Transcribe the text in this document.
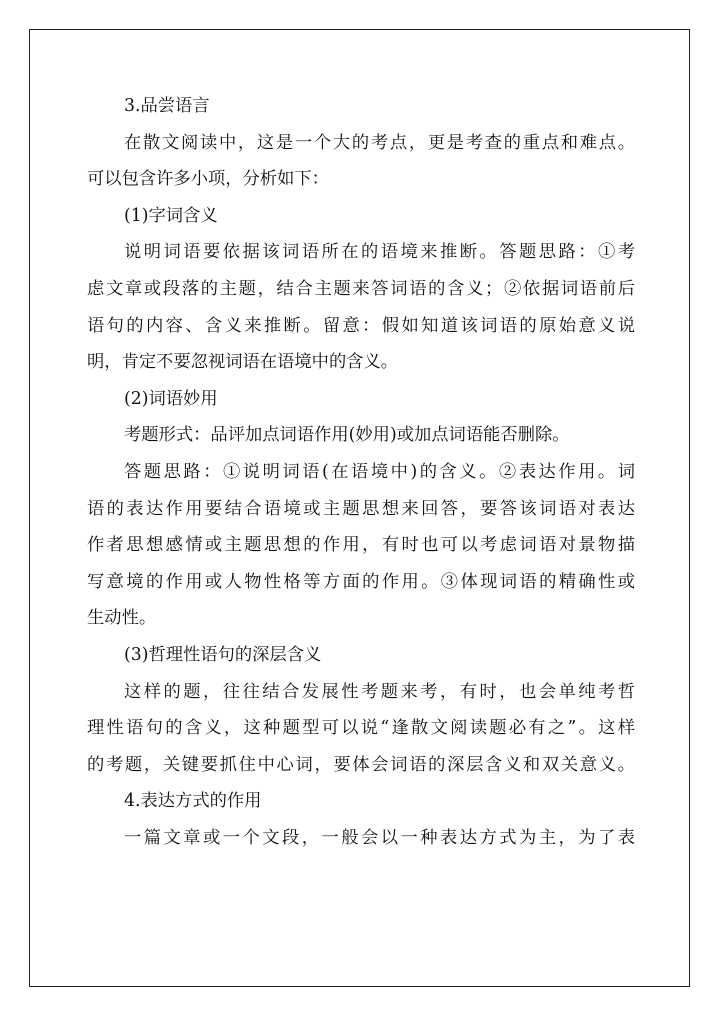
3.品尝语言
在散文阅读中，这是一个大的考点，更是考查的重点和难点。
可以包含许多小项，分析如下：
(1)字词含义
说明词语要依据该词语所在的语境来推断。答题思路：①考
虑文章或段落的主题，结合主题来答词语的含义；②依据词语前后
语句的内容、含义来推断。留意：假如知道该词语的原始意义说
明，肯定不要忽视词语在语境中的含义。
(2)词语妙用
考题形式：品评加点词语作用(妙用)或加点词语能否删除。
答题思路：①说明词语(在语境中)的含义。②表达作用。词
语的表达作用要结合语境或主题思想来回答，要答该词语对表达
作者思想感情或主题思想的作用，有时也可以考虑词语对景物描
写意境的作用或人物性格等方面的作用。③体现词语的精确性或
生动性。
(3)哲理性语句的深层含义
这样的题，往往结合发展性考题来考，有时，也会单纯考哲
理性语句的含义，这种题型可以说“逢散文阅读题必有之”。这样
的考题，关键要抓住中心词，要体会词语的深层含义和双关意义。
4.表达方式的作用
一篇文章或一个文段，一般会以一种表达方式为主，为了表
